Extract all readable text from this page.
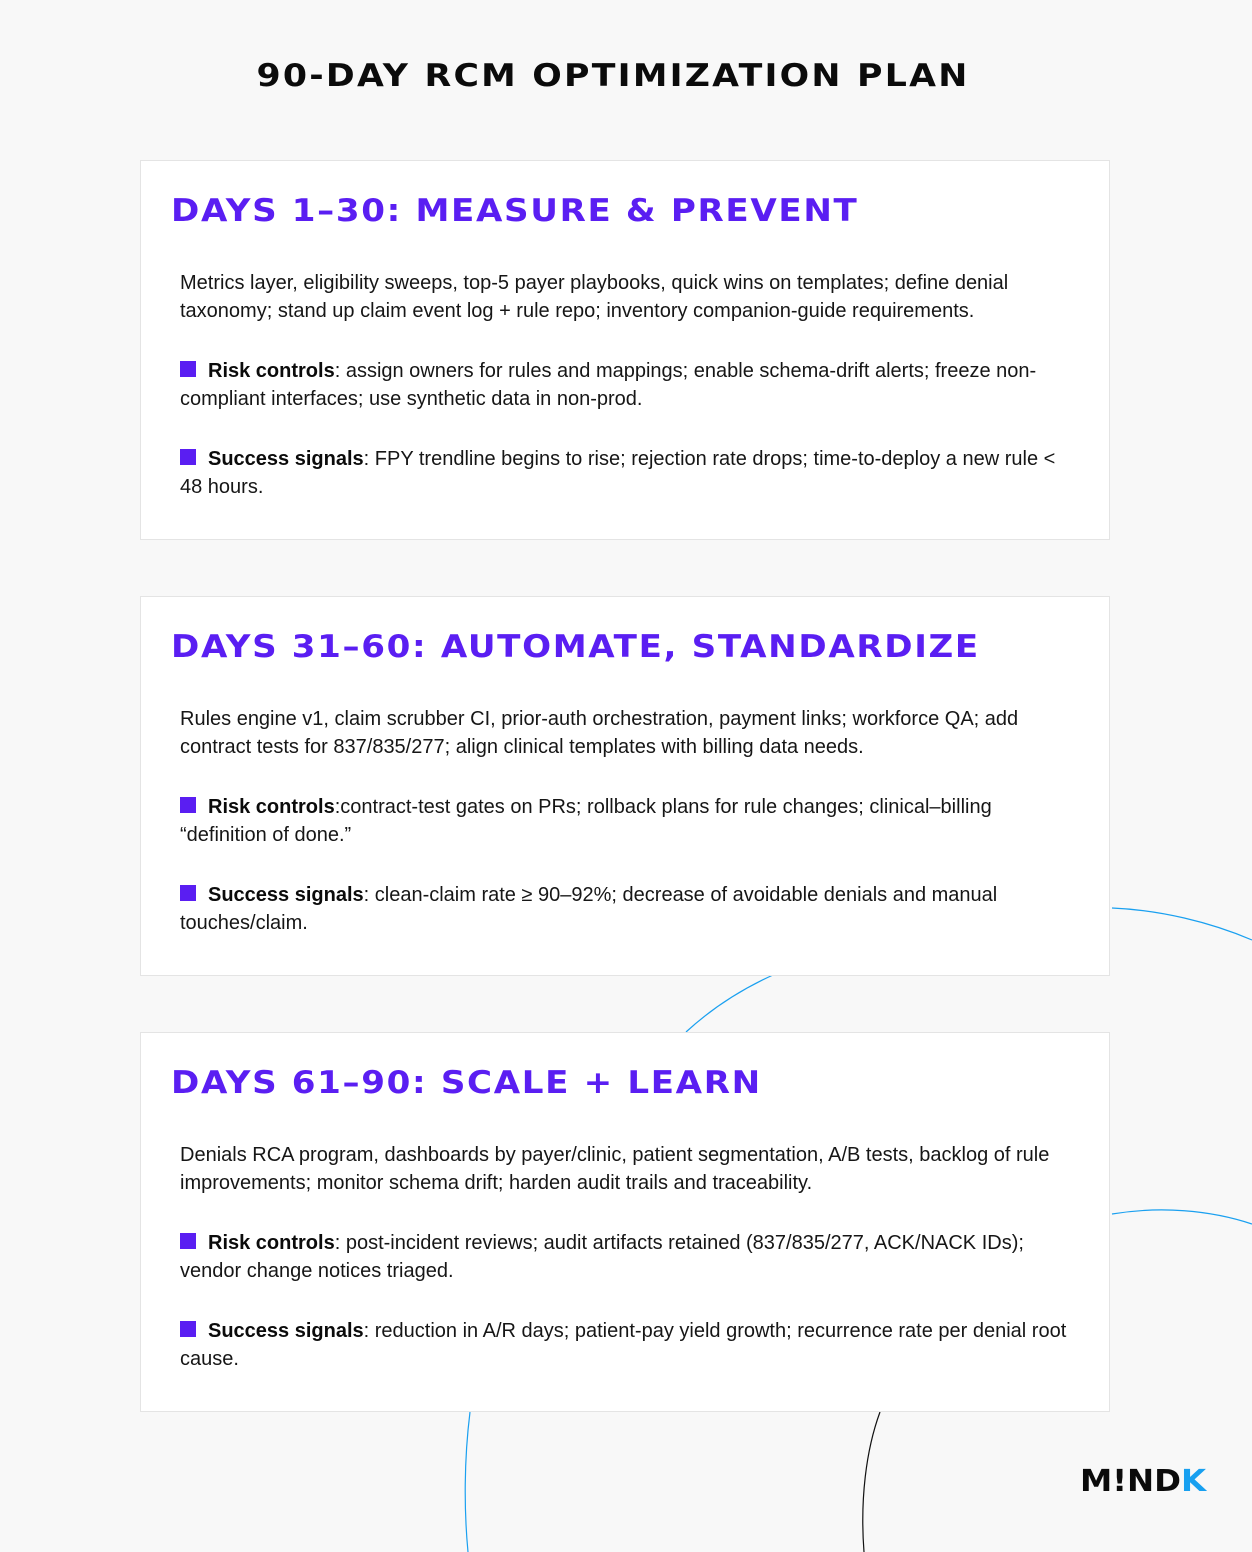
90-DAY RCM OPTIMIZATION PLAN
DAYS 1–30: MEASURE & PREVENT

Metrics layer, eligibility sweeps, top-5 payer playbooks, quick wins on templates; define denial taxonomy; stand up claim event log + rule repo; inventory companion-guide requirements.

Risk controls: assign owners for rules and mappings; enable schema-drift alerts; freeze non-compliant interfaces; use synthetic data in non-prod.

Success signals: FPY trendline begins to rise; rejection rate drops; time-to-deploy a new rule < 48 hours.

DAYS 31–60: AUTOMATE, STANDARDIZE

Rules engine v1, claim scrubber CI, prior-auth orchestration, payment links; workforce QA; add contract tests for 837/835/277; align clinical templates with billing data needs.

Risk controls:contract-test gates on PRs; rollback plans for rule changes; clinical–billing “definition of done.”

Success signals: clean-claim rate ≥ 90–92%; decrease of avoidable denials and manual touches/claim.

DAYS 61–90: SCALE + LEARN

Denials RCA program, dashboards by payer/clinic, patient segmentation, A/B tests, backlog of rule improvements; monitor schema drift; harden audit trails and traceability.

Risk controls: post-incident reviews; audit artifacts retained (837/835/277, ACK/NACK IDs); vendor change notices triaged.

Success signals: reduction in A/R days; patient-pay yield growth; recurrence rate per denial root cause.

M!NDK
